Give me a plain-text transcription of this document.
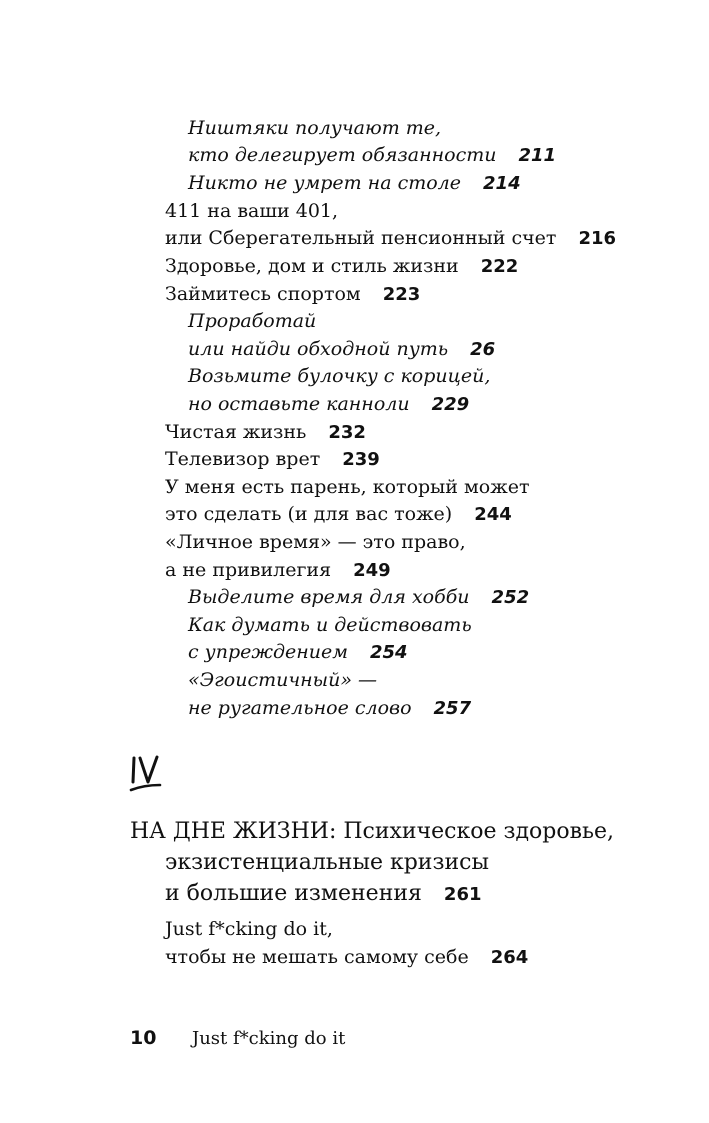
Ништяки получают те,
кто делегирует обязанности 211
Никто не умрет на столе 214
411 на ваши 401,
или Сберегательный пенсионный счет 216
Здоровье, дом и стиль жизни 222
Займитесь спортом 223
Проработай
или найди обходной путь 26
Возьмите булочку с корицей,
но оставьте канноли 229
Чистая жизнь 232
Телевизор врет 239
У меня есть парень, который может
это сделать (и для вас тоже) 244
«Личное время» — это право,
а не привилегия 249
Выделите время для хобби 252
Как думать и действовать
с упреждением 254
«Эгоистичный» —
не ругательное слово 257
НА ДНЕ ЖИЗНИ: Психическое здоровье,
экзистенциальные кризисы
и большие изменения 261
Just f*cking do it,
чтобы не мешать самому себе 264
10 Just f*cking do it
